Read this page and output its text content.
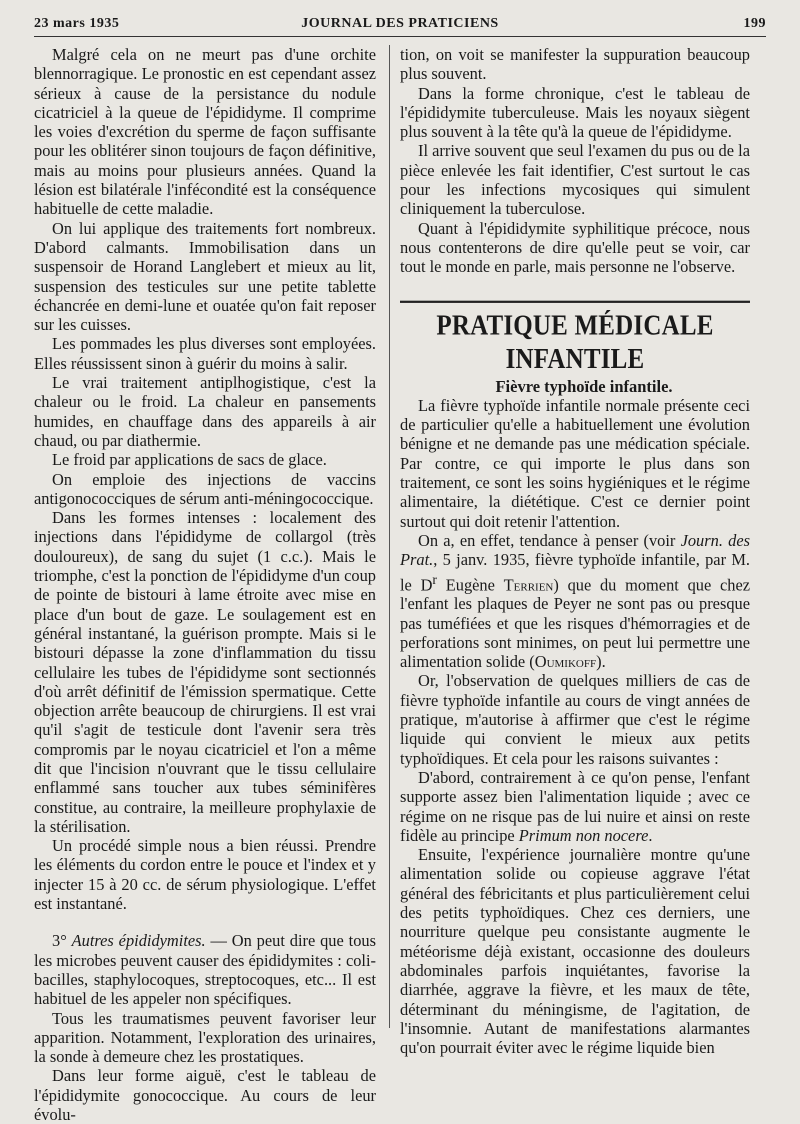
23 mars 1935	JOURNAL DES PRATICIENS	199

Malgré cela on ne meurt pas d'une orchite blennorragique. Le pronostic en est cependant assez sérieux à cause de la persistance du nodule cicatriciel à la queue de l'épididyme. Il comprime les voies d'excrétion du sperme de façon suffisante pour les oblitérer sinon toujours de façon définitive, mais au moins pour plusieurs années. Quand la lésion est bilatérale l'infécondité est la conséquence habituelle de cette maladie.

On lui applique des traitements fort nombreux. D'abord calmants. Immobilisation dans un suspensoir de Horand Langlebert et mieux au lit, suspension des testicules sur une petite tablette échancrée en demi-lune et ouatée qu'on fait reposer sur les cuisses.

Les pommades les plus diverses sont employées. Elles réussissent sinon à guérir du moins à salir.

Le vrai traitement antiplhogistique, c'est la chaleur ou le froid. La chaleur en pansements humides, en chauffage dans des appareils à air chaud, ou par diathermie.

Le froid par applications de sacs de glace.

On emploie des injections de vaccins antigonococciques de sérum anti-méningococcique.

Dans les formes intenses : localement des injections dans l'épididyme de collargol (très douloureux), de sang du sujet (1 c.c.). Mais le triomphe, c'est la ponction de l'épididyme d'un coup de pointe de bistouri à lame étroite avec mise en place d'un bout de gaze. Le soulagement est en général instantané, la guérison prompte. Mais si le bistouri dépasse la zone d'inflammation du tissu cellulaire les tubes de l'épididyme sont sectionnés d'où arrêt définitif de l'émission spermatique. Cette objection arrête beaucoup de chirurgiens. Il est vrai qu'il s'agit de testicule dont l'avenir sera très compromis par le noyau cicatriciel et l'on a même dit que l'incision n'ouvrant que le tissu cellulaire enflammé sans toucher aux tubes séminifères constitue, au contraire, la meilleure prophylaxie de la stérilisation.

Un procédé simple nous a bien réussi. Prendre les éléments du cordon entre le pouce et l'index et y injecter 15 à 20 cc. de sérum physiologique. L'effet est instantané.

3° Autres épididymites. — On peut dire que tous les microbes peuvent causer des épididymites : coli-bacilles, staphylocoques, streptocoques, etc... Il est habituel de les appeler non spécifiques.

Tous les traumatismes peuvent favoriser leur apparition. Notamment, l'exploration des urinaires, la sonde à demeure chez les prostatiques.

Dans leur forme aiguë, c'est le tableau de l'épididymite gonococcique. Au cours de leur évolu-

tion, on voit se manifester la suppuration beaucoup plus souvent.

Dans la forme chronique, c'est le tableau de l'épididymite tuberculeuse. Mais les noyaux siègent plus souvent à la tête qu'à la queue de l'épididyme.

Il arrive souvent que seul l'examen du pus ou de la pièce enlevée les fait identifier, C'est surtout le cas pour les infections mycosiques qui simulent cliniquement la tuberculose.

Quant à l'épididymite syphilitique précoce, nous nous contenterons de dire qu'elle peut se voir, car tout le monde en parle, mais personne ne l'observe.

PRATIQUE MÉDICALE INFANTILE

Fièvre typhoïde infantile.

La fièvre typhoïde infantile normale présente ceci de particulier qu'elle a habituellement une évolution bénigne et ne demande pas une médication spéciale. Par contre, ce qui importe le plus dans son traitement, ce sont les soins hygiéniques et le régime alimentaire, la diététique. C'est ce dernier point surtout qui doit retenir l'attention.

On a, en effet, tendance à penser (voir Journ. des Prat., 5 janv. 1935, fièvre typhoïde infantile, par M. le $D^r$ Eugène Terrien) que du moment que chez l'enfant les plaques de Peyer ne sont pas ou presque pas tuméfiées et que les risques d'hémorragies et de perforations sont minimes, on peut lui permettre une alimentation solide (Oumikoff).

Or, l'observation de quelques milliers de cas de fièvre typhoïde infantile au cours de vingt années de pratique, m'autorise à affirmer que c'est le régime liquide qui convient le mieux aux petits typhoïdiques. Et cela pour les raisons suivantes :

D'abord, contrairement à ce qu'on pense, l'enfant supporte assez bien l'alimentation liquide ; avec ce régime on ne risque pas de lui nuire et ainsi on reste fidèle au principe Primum non nocere.

Ensuite, l'expérience journalière montre qu'une alimentation solide ou copieuse aggrave l'état général des fébricitants et plus particulièrement celui des petits typhoïdiques. Chez ces derniers, une nourriture quelque peu consistante augmente le météorisme déjà existant, occasionne des douleurs abdominales parfois inquiétantes, favorise la diarrhée, aggrave la fièvre, et les maux de tête, déterminant du méningisme, de l'agitation, de l'insomnie. Autant de manifestations alarmantes qu'on pourrait éviter avec le régime liquide bien
